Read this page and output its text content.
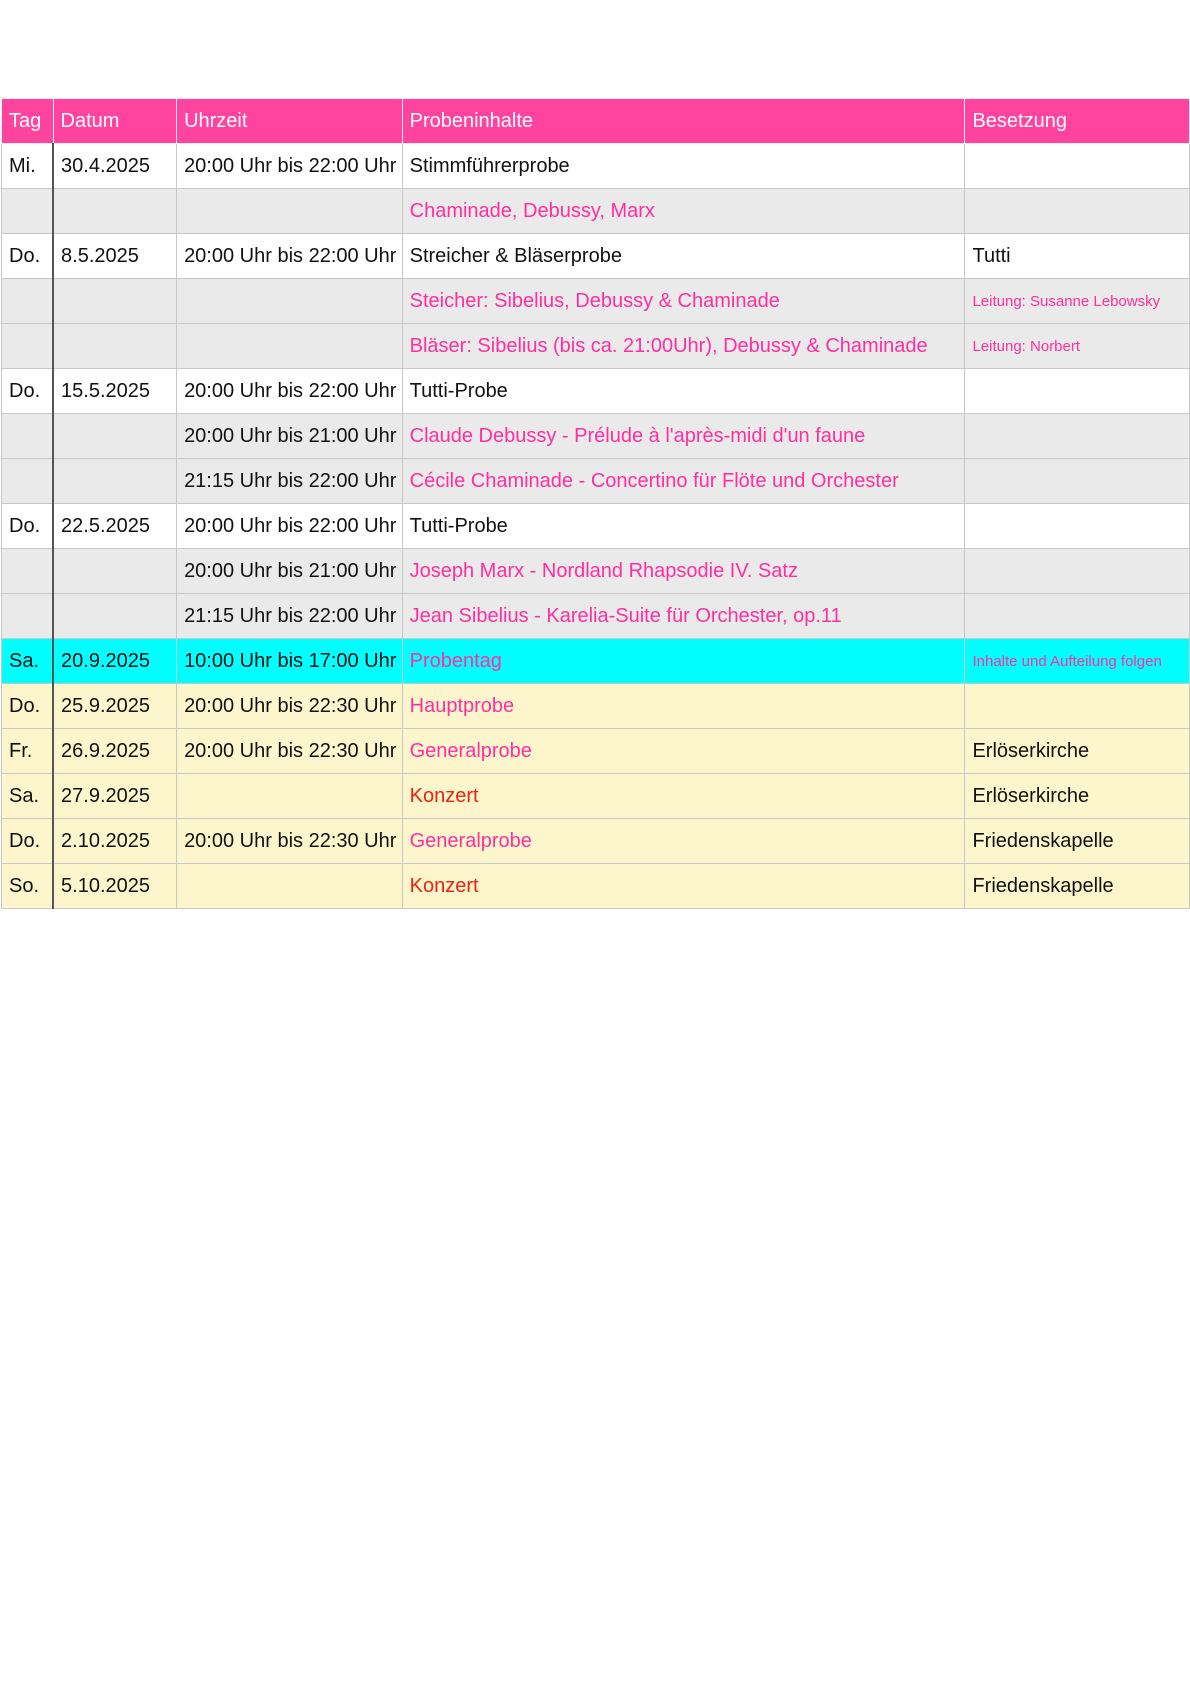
Tag	Datum	Uhrzeit	Probeninhalte	Besetzung
Mi.	30.4.2025	20:00 Uhr bis 22:00 Uhr	Stimmführerprobe	
			Chaminade, Debussy, Marx	
Do.	8.5.2025	20:00 Uhr bis 22:00 Uhr	Streicher & Bläserprobe	Tutti
			Steicher: Sibelius, Debussy & Chaminade	Leitung: Susanne Lebowsky
			Bläser: Sibelius (bis ca. 21:00Uhr), Debussy & Chaminade	Leitung: Norbert
Do.	15.5.2025	20:00 Uhr bis 22:00 Uhr	Tutti-Probe	
		20:00 Uhr bis 21:00 Uhr	Claude Debussy - Prélude à l'après-midi d'un faune	
		21:15 Uhr bis 22:00 Uhr	Cécile Chaminade - Concertino für Flöte und Orchester	
Do.	22.5.2025	20:00 Uhr bis 22:00 Uhr	Tutti-Probe	
		20:00 Uhr bis 21:00 Uhr	Joseph Marx - Nordland Rhapsodie IV. Satz	
		21:15 Uhr bis 22:00 Uhr	Jean Sibelius - Karelia-Suite für Orchester, op.11	
Sa.	20.9.2025	10:00 Uhr bis 17:00 Uhr	Probentag	Inhalte und Aufteilung folgen
Do.	25.9.2025	20:00 Uhr bis 22:30 Uhr	Hauptprobe	
Fr.	26.9.2025	20:00 Uhr bis 22:30 Uhr	Generalprobe	Erlöserkirche
Sa.	27.9.2025		Konzert	Erlöserkirche
Do.	2.10.2025	20:00 Uhr bis 22:30 Uhr	Generalprobe	Friedenskapelle
So.	5.10.2025		Konzert	Friedenskapelle
